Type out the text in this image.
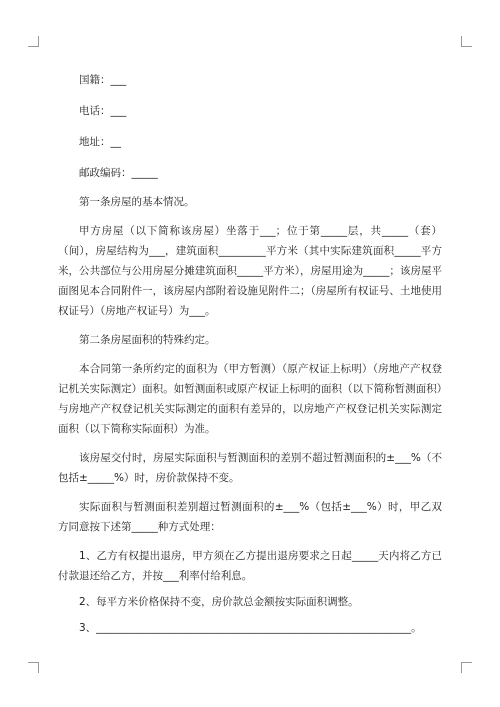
国籍：___
电话：___
地址：__
邮政编码：_____
第一条房屋的基本情况。
甲方房屋（以下简称该房屋）坐落于___；位于第_____层，共_____（套）（间），房屋结构为___，建筑面积_________平方米（其中实际建筑面积_____平方米，公共部位与公用房屋分摊建筑面积_____平方米），房屋用途为_____；该房屋平面图见本合同附件一，该房屋内部附着设施见附件二；（房屋所有权证号、土地使用权证号）（房地产权证号）为___。
第二条房屋面积的特殊约定。
本合同第一条所约定的面积为（甲方暂测）（原产权证上标明）（房地产产权登记机关实际测定）面积。如暂测面积或原产权证上标明的面积（以下简称暂测面积）与房地产产权登记机关实际测定的面积有差异的，以房地产产权登记机关实际测定面积（以下简称实际面积）为准。
该房屋交付时，房屋实际面积与暂测面积的差别不超过暂测面积的±___%（不包括±_____%）时，房价款保持不变。
实际面积与暂测面积差别超过暂测面积的±___%（包括±___%）时，甲乙双方同意按下述第_____种方式处理：
1、乙方有权提出退房，甲方须在乙方提出退房要求之日起_____天内将乙方已付款退还给乙方，并按___利率付给利息。
2、每平方米价格保持不变，房价款总金额按实际面积调整。
3、____________________________________________________________。
